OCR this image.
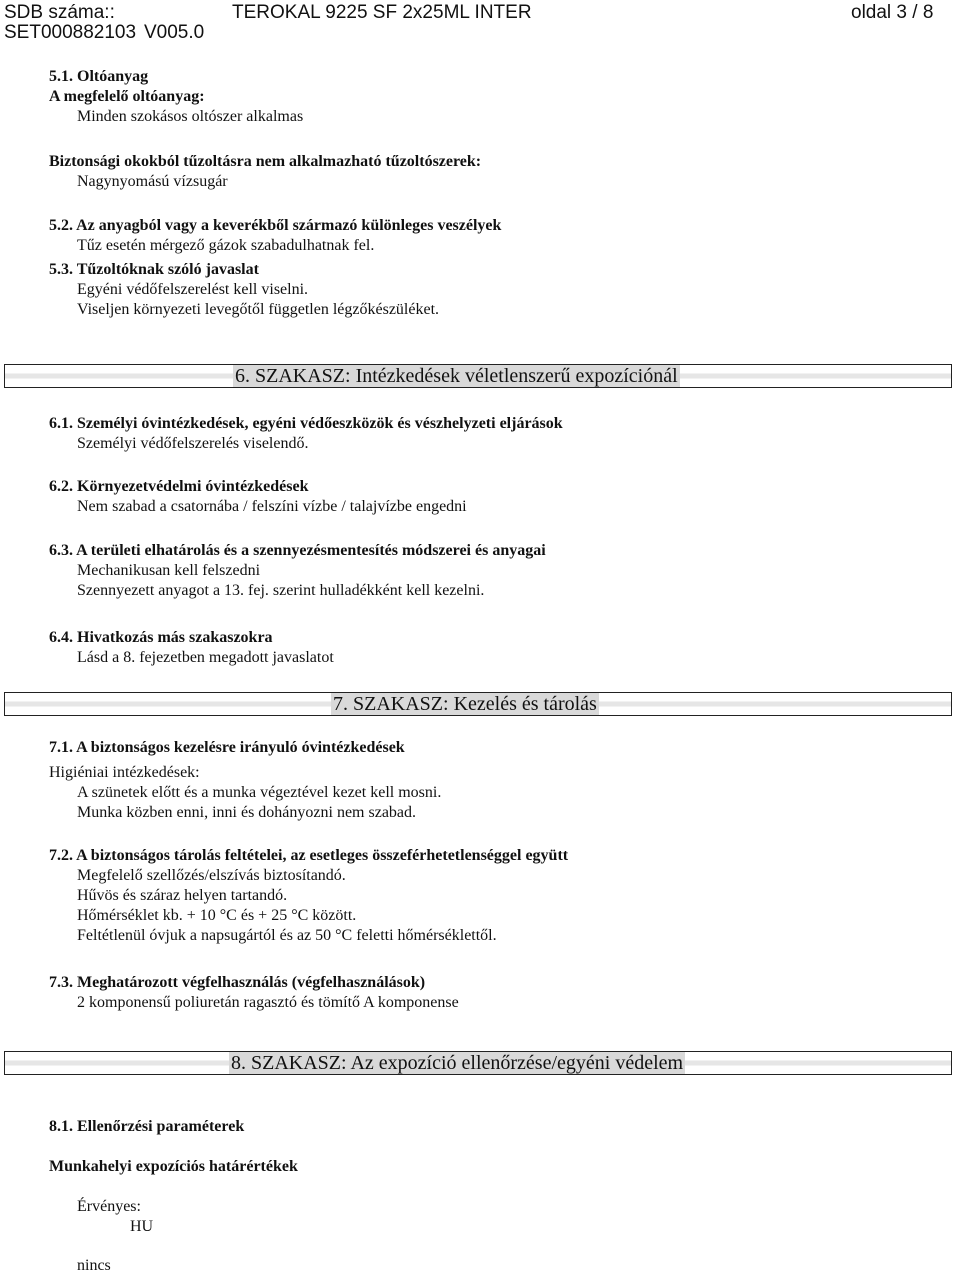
SDB száma::	TEROKAL 9225 SF 2x25ML INTER	oldal 3 / 8
SET000882103 V005.0
5.1. Oltóanyag
A megfelelő oltóanyag:
Minden szokásos oltószer alkalmas
Biztonsági okokból tűzoltásra nem alkalmazható tűzoltószerek:
Nagynyomású vízsugár
5.2. Az anyagból vagy a keverékből származó különleges veszélyek
Tűz esetén mérgező gázok szabadulhatnak fel.
5.3. Tűzoltóknak szóló javaslat
Egyéni védőfelszerelést kell viselni.
Viseljen környezeti levegőtől független légzőkészüléket.
6. SZAKASZ: Intézkedések véletlenszerű expozíciónál
6.1. Személyi óvintézkedések, egyéni védőeszközök és vészhelyzeti eljárások
Személyi védőfelszerelés viselendő.
6.2. Környezetvédelmi óvintézkedések
Nem szabad a csatornába / felszíni vízbe / talajvízbe engedni
6.3. A területi elhatárolás és a szennyezésmentesítés módszerei és anyagai
Mechanikusan kell felszedni
Szennyezett anyagot a 13. fej. szerint hulladékként kell kezelni.
6.4. Hivatkozás más szakaszokra
Lásd a 8. fejezetben megadott javaslatot
7. SZAKASZ: Kezelés és tárolás
7.1. A biztonságos kezelésre irányuló óvintézkedések
Higiéniai intézkedések:
A szünetek előtt és a munka végeztével kezet kell mosni.
Munka közben enni, inni és dohányozni nem szabad.
7.2. A biztonságos tárolás feltételei, az esetleges összeférhetetlenséggel együtt
Megfelelő szellőzés/elszívás biztosítandó.
Hűvös és száraz helyen tartandó.
Hőmérséklet kb. + 10 °C és + 25 °C között.
Feltétlenül óvjuk a napsugártól és az 50 °C feletti hőmérséklettől.
7.3. Meghatározott végfelhasználás (végfelhasználások)
2 komponensű poliuretán ragasztó és tömítő A komponense
8. SZAKASZ: Az expozíció ellenőrzése/egyéni védelem
8.1. Ellenőrzési paraméterek
Munkahelyi expozíciós határértékek
Érvényes:
HU
nincs
